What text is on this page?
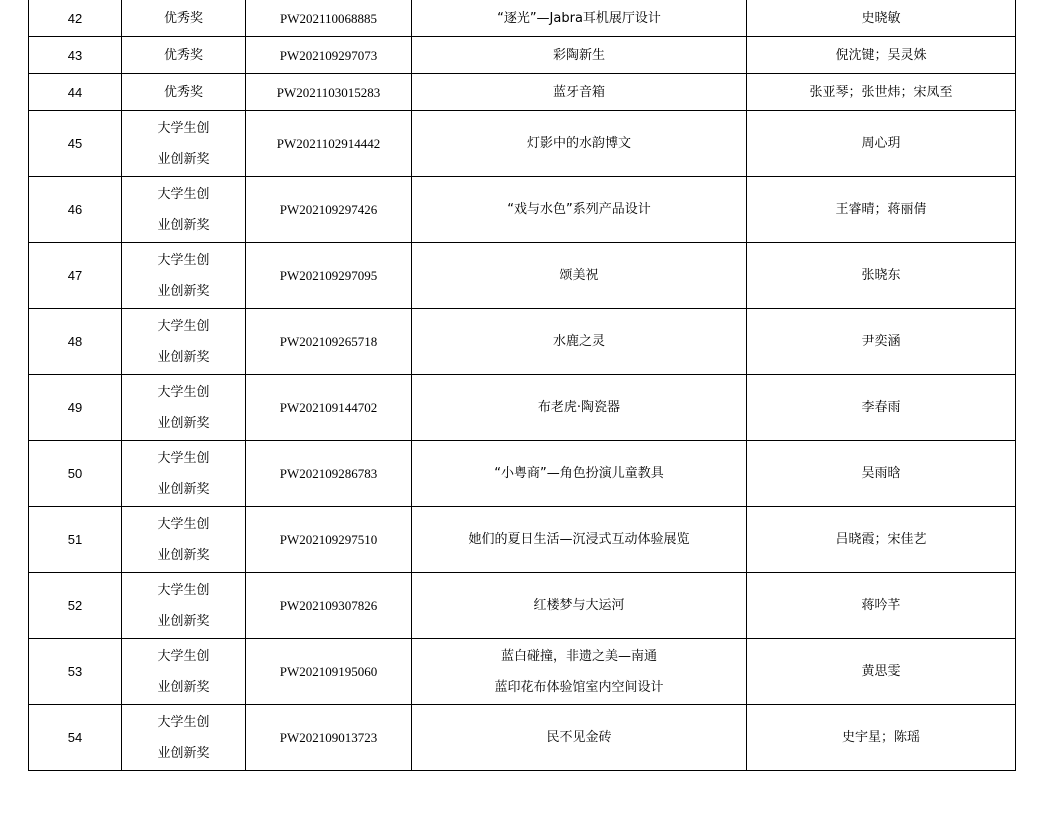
42	优秀奖	PW202110068885	“逐光”—Jabra耳机展厅设计	史晓敏

43	优秀奖	PW202109297073	彩陶新生	倪沈键；吴灵姝

44	优秀奖	PW2021103015283	蓝牙音箱	张亚琴；张世炜；宋凤至

45	大学生创
业创新奖	PW2021102914442	灯影中的水韵博文	周心玥

46	大学生创
业创新奖	PW202109297426	“戏与水色”系列产品设计	王睿晴；蒋丽倩

47	大学生创
业创新奖	PW202109297095	颂美祝	张晓东

48	大学生创
业创新奖	PW202109265718	水鹿之灵	尹奕涵

49	大学生创
业创新奖	PW202109144702	布老虎·陶瓷器	李春雨

50	大学生创
业创新奖	PW202109286783	“小粤商”—角色扮演儿童教具	吴雨晗

51	大学生创
业创新奖	PW202109297510	她们的夏日生活—沉浸式互动体验展览	吕晓霞；宋佳艺

52	大学生创
业创新奖	PW202109307826	红楼梦与大运河	蒋吟芊

53	大学生创
业创新奖	PW202109195060	蓝白碰撞，非遗之美—南通
蓝印花布体验馆室内空间设计	黄思雯

54	大学生创
业创新奖	PW202109013723	民不见金砖	史宇星；陈瑶
